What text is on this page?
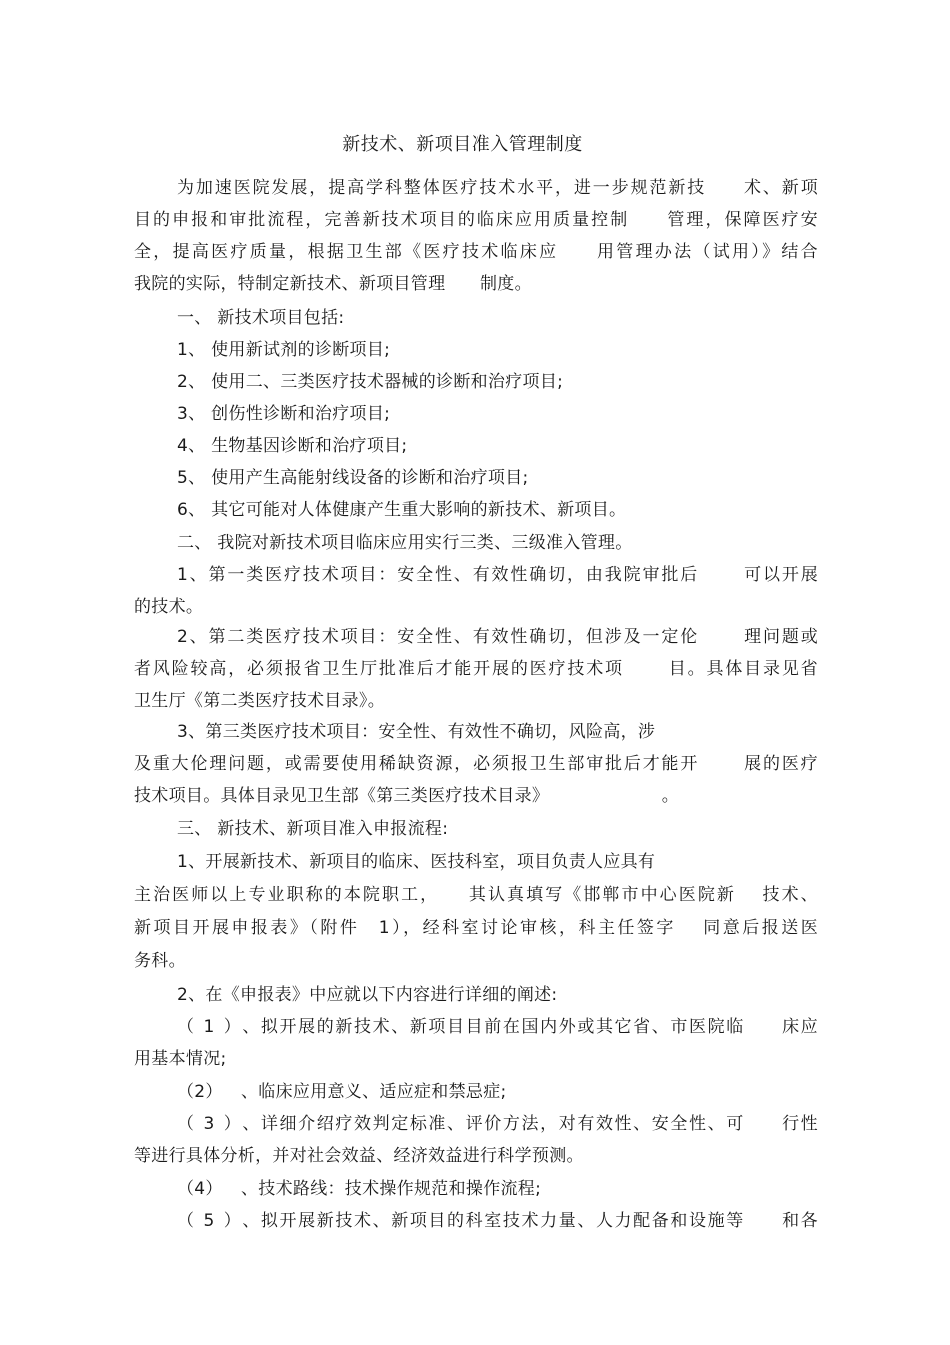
新技术、新项目准入管理制度
为加速医院发展，提高学科整体医疗技术水平，进一步规范新技　　术、新项
目的申报和审批流程，完善新技术项目的临床应用质量控制　　管理，保障医疗安
全，提高医疗质量，根据卫生部《医疗技术临床应　　用管理办法（试用）》结合
我院的实际，特制定新技术、新项目管理　　制度。
一、 新技术项目包括:
1、 使用新试剂的诊断项目;
2、 使用二、三类医疗技术器械的诊断和治疗项目;
3、 创伤性诊断和治疗项目;
4、 生物基因诊断和治疗项目;
5、 使用产生高能射线设备的诊断和治疗项目;
6、 其它可能对人体健康产生重大影响的新技术、新项目。
二、 我院对新技术项目临床应用实行三类、三级准入管理。
1、第一类医疗技术项目：安全性、有效性确切，由我院审批后　　 可以开展
的技术。
2、第二类医疗技术项目：安全性、有效性确切，但涉及一定伦　　 理问题或
者风险较高，必须报省卫生厅批准后才能开展的医疗技术项　　 目。具体目录见省
卫生厅《第二类医疗技术目录》。
3、第三类医疗技术项目：安全性、有效性不确切，风险高，涉
及重大伦理问题，或需要使用稀缺资源，必须报卫生部审批后才能开　　 展的医疗
技术项目。具体目录见卫生部《第三类医疗技术目录》　　　　　　　。
三、 新技术、新项目准入申报流程:
1、开展新技术、新项目的临床、医技科室，项目负责人应具有
主治医师以上专业职称的本院职工，　　其认真填写《邯郸市中心医院新　 技术、
新项目开展申报表》（附件　1），经科室讨论审核，科主任签字　 同意后报送医
务科。
2、在《申报表》中应就以下内容进行详细的阐述:
（1）、拟开展的新技术、新项目目前在国内外或其它省、市医院临　　床应
用基本情况;
（2） 、临床应用意义、适应症和禁忌症;
（3）、详细介绍疗效判定标准、评价方法，对有效性、安全性、可　　行性
等进行具体分析，并对社会效益、经济效益进行科学预测。
（4） 、技术路线：技术操作规范和操作流程;
（5）、拟开展新技术、新项目的科室技术力量、人力配备和设施等　　和各
